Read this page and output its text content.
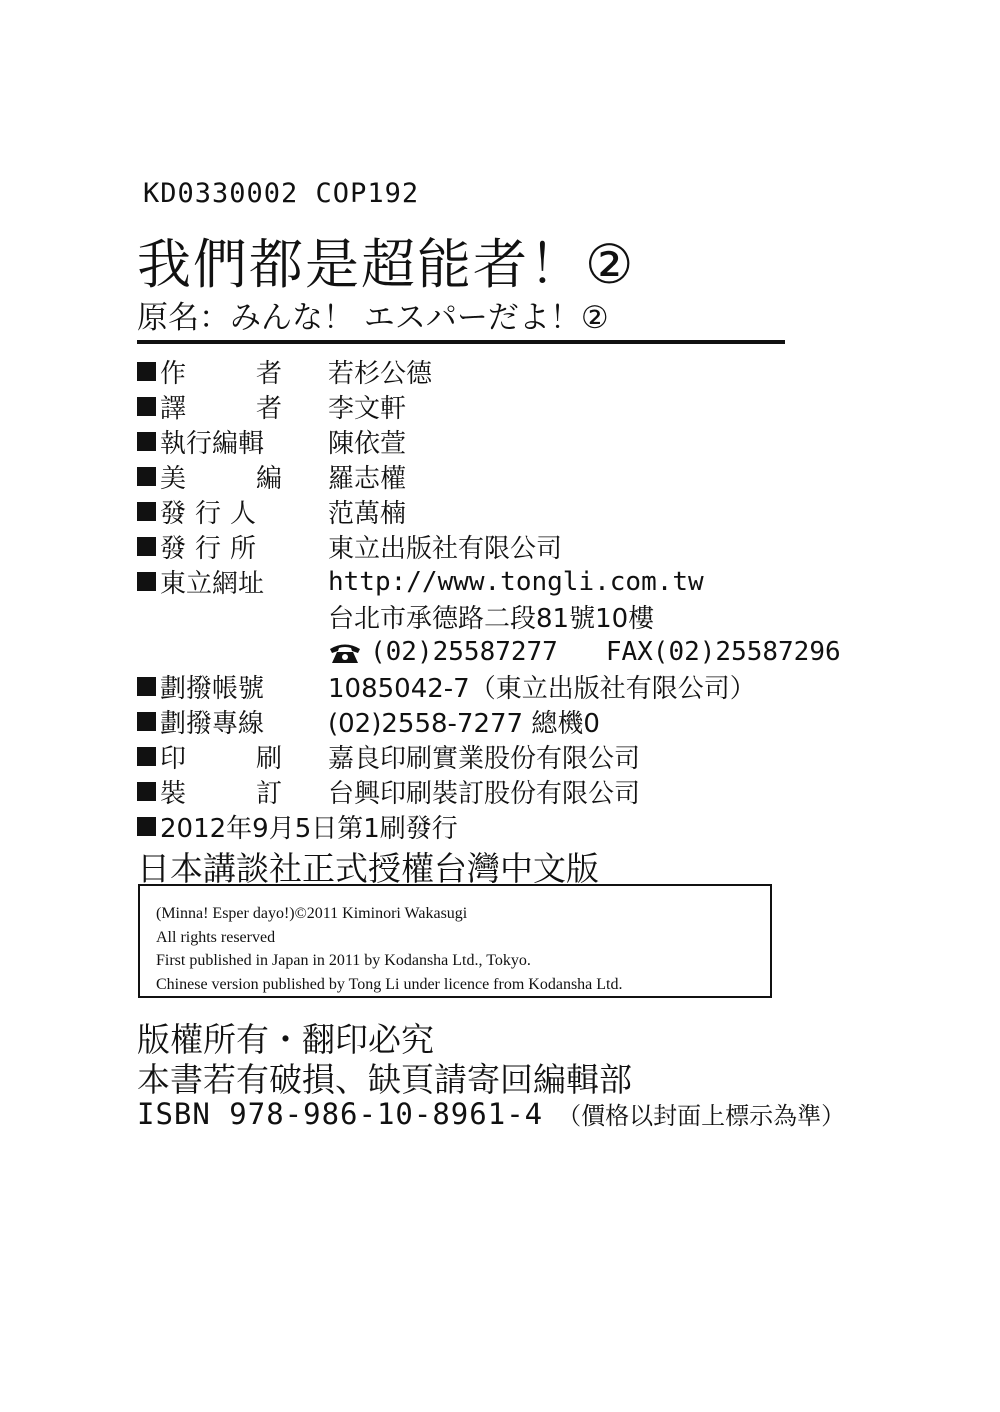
KD0330002 COP192
我們都是超能者！②
原名：みんな！ エスパーだよ！②
作　者 若杉公德
譯　者 李文軒
執行編輯 陳依萱
美　編 羅志權
發行人 范萬楠
發行所 東立出版社有限公司
東立網址 http://www.tongli.com.tw
台北市承德路二段81號10樓
(02)25587277 FAX(02)25587296
劃撥帳號 1085042-7（東立出版社有限公司）
劃撥專線 (02)2558-7277 總機0
印　刷 嘉良印刷實業股份有限公司
裝　訂 台興印刷裝訂股份有限公司
2012年9月5日第1刷發行
日本講談社正式授權台灣中文版
(Minna! Esper dayo!)©2011 Kiminori Wakasugi
All rights reserved
First published in Japan in 2011 by Kodansha Ltd., Tokyo.
Chinese version published by Tong Li under licence from Kodansha Ltd.
版權所有・翻印必究
本書若有破損、缺頁請寄回編輯部
ISBN 978-986-10-8961-4 （價格以封面上標示為準）
